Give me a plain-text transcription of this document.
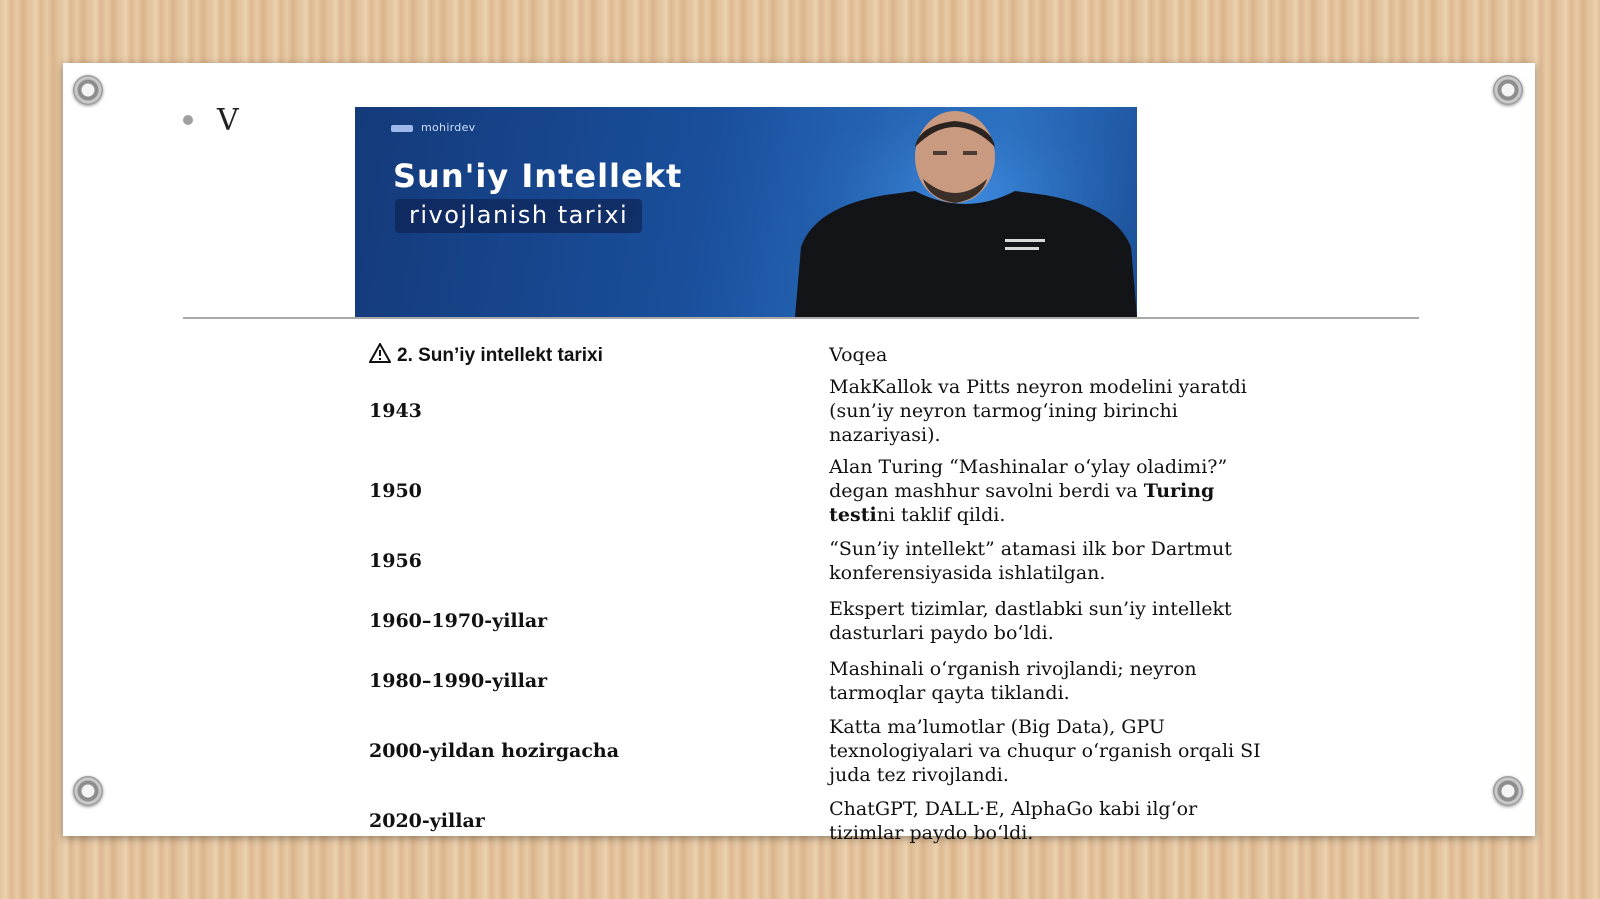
V	mohirdev
Sun'iy Intellekt
rivojlanish tarixi
2. Sun’iy intellekt tarixi	Voqea
1943	MakKallok va Pitts neyron modelini yaratdi (sun’iy neyron tarmog‘ining birinchi nazariyasi).

1950	Alan Turing “Mashinalar o‘ylay oladimi?” degan mashhur savolni berdi va Turing testini taklif qildi.

1956	“Sun’iy intellekt” atamasi ilk bor Dartmut konferensiyasida ishlatilgan.

1960–1970-yillar	Ekspert tizimlar, dastlabki sun’iy intellekt dasturlari paydo bo‘ldi.

1980–1990-yillar	Mashinali o‘rganish rivojlandi; neyron tarmoqlar qayta tiklandi.

2000-yildan hozirgacha	Katta ma’lumotlar (Big Data), GPU texnologiyalari va chuqur o‘rganish orqali SI juda tez rivojlandi.

2020-yillar	ChatGPT, DALL·E, AlphaGo kabi ilg‘or tizimlar paydo bo‘ldi.
